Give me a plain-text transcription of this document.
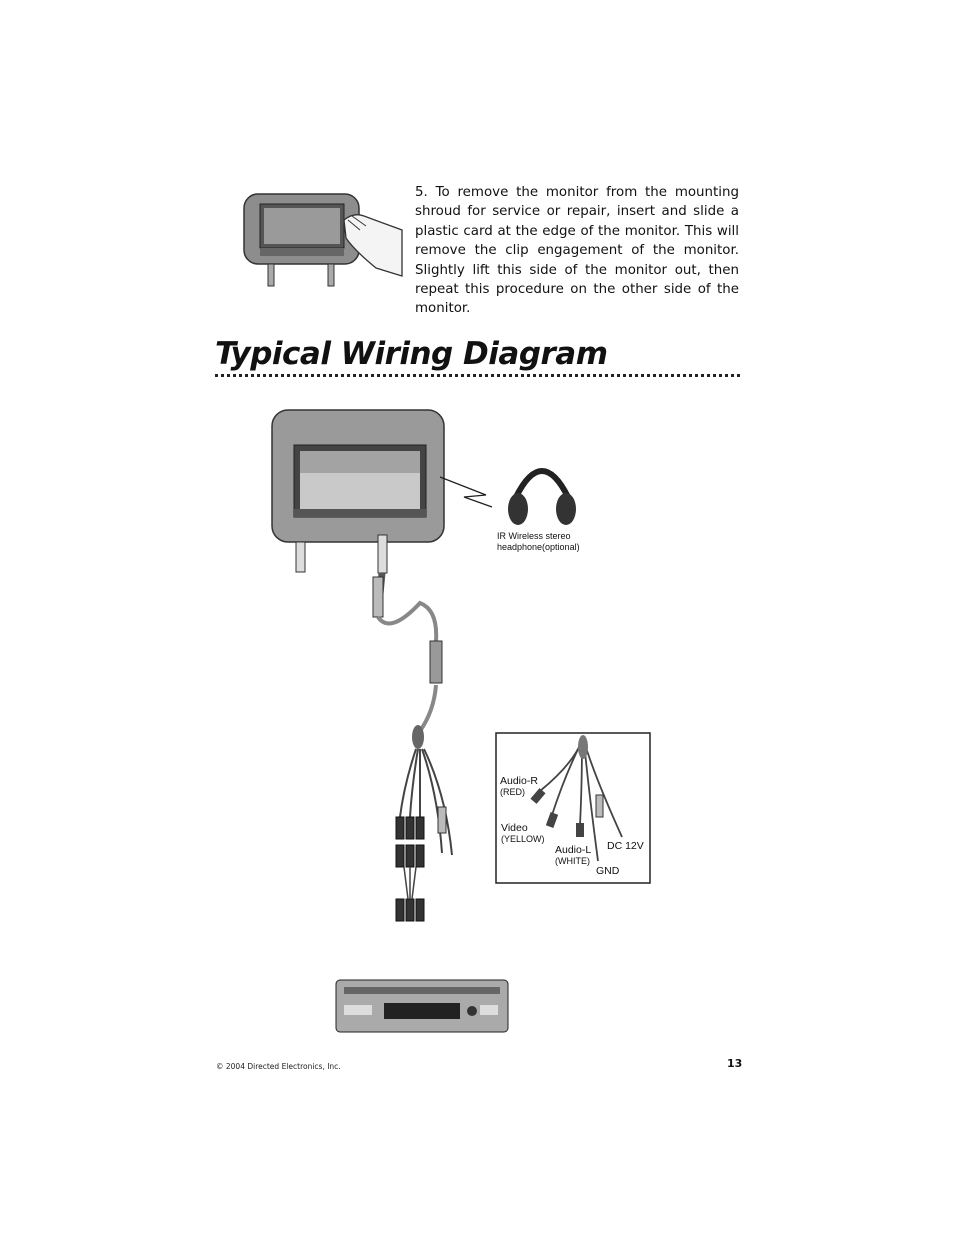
5. To remove the monitor from the mounting shroud for service or repair, insert and slide a plastic card at the edge of the monitor. This will remove the clip engagement of the monitor. Slightly lift this side of the monitor out, then repeat this procedure on the other side of the monitor.
Typical Wiring Diagram
IR Wireless stereo
headphone(optional)
Audio-R
(RED)
Video
(YELLOW)
Audio-L
(WHITE)
DC 12V
GND
© 2004 Directed Electronics, Inc.	13
